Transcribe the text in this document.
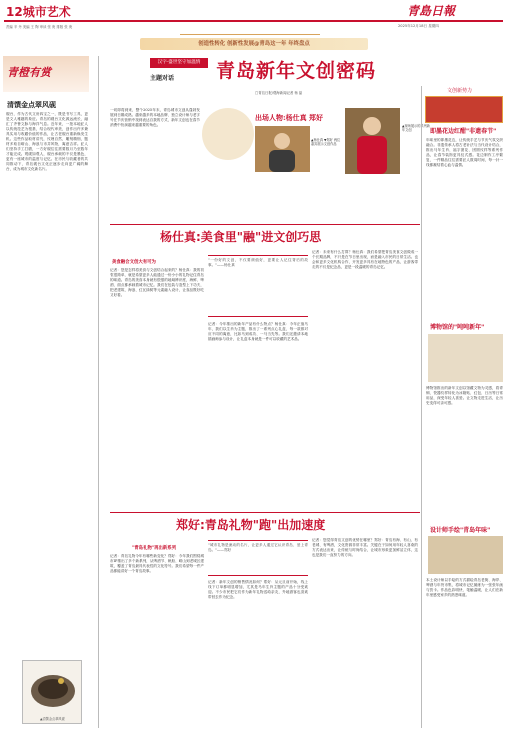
12城市艺术
责编 辛 丹 美编 王 陶 审读 张 庚 排版 张 庚
青島日報
2025年12月18日 星期四
创造性转化 创新性发展@青岛这一年 年终盘点
青橙有赏
清馔金点翠风砚
砚台，作为古代文房四宝之一，既是书写工具，更是文人雅趣的象征。青岛的砚台文化源远流长，融汇了齐鲁文脉与海洋气息。近年来，一批本地匠人以传统技艺为根基，结合现代审美，创作出许多兼具实用与收藏价值的作品，让古老砚台重新焕发生机。这些作品取材讲究，纹理自然，雕刻精细，题材多取自崂山、海浪与市井风物，寓意吉祥。匠人们坚持手工打磨，一方好砚往往需要数月乃至数年才能完成。观砚如观人，砚台承载的不仅是墨色，更有一座城市的温度与记忆。在市民与收藏者的共同推动下，青岛砚台文化正逐步走向更广阔的舞台，成为城市文化新名片。
▲清馔金点翠风砚
汉字·盛世坚守加温情 青岛新年文创密码
主题对话
□青岛日报/观海新闻记者 杨 晶
一切即将到来，整个2025年末，青岛城市文创从蓬勃发展到日臻成熟。越来越多的本地品牌、独立设计师与老字号在节庆营销中找到表达自我的方式，新年文创也在春节消费中扮演越来越重要的角色。
出场人物:杨仕真 郑好
▲杨仕真 ▼郑好 两位嘉宾展示文创作品
▲现场展示的系列新年文创
文创新势力
即墨花边红酣"非遗春节"
年味里的即墨花边，让传统手艺与节庆气氛交织融合。非遗传承人将古老针法与当代设计结合，推出马年生肖、福字窗花、团圆纹样等系列作品，让春节装饰更具仪式感。花边制作工序繁复，一件精品往往需要匠人数周时间，每一针一线都凝结着心血与温情。
博物馆的"吨吨新年"
博物馆推出的新年文创以馆藏文物为灵感，将青铜、瓷器纹样转化为冰箱贴、红包、日历等日常用品，深受年轻人喜爱。让文物走进生活，让历史变得可亲可感。
设计师手绘"青岛年味"
本土设计师以手绘的方式描绘青岛老街、海岸、啤酒与年货市集，将城市记忆凝练为一张张年画与贺卡。作品色彩明快、笔触温暖，让人们在新年里感受家乡的熟悉味道。
杨仕真:美食里"融"进文创巧思
美食融合文创大有可为
记者：您是怎样将美食与文创结合起来的？杨仕真：我的初衷很简单，就是希望更多人能通过一份小小的礼物记住青岛的味道。青岛的美食本身就有很强的地域辨识度，海鲜、啤酒、面点都承载着城市记忆。我们在包装与造型上下功夫，把老建筑、海浪、红瓦绿树等元素融入设计，让食品既好吃又好看。
"一份好的文创，不仅要颜值好，更要让人记住背后的故事。"——杨仕真
记者：今年推出的新年产品有什么特点？杨仕真：今年正值马年，我们以生肖为主题，推出了一系列点心礼盒，每一款都对应不同的寓意，比如马到成功、一马当先等。我们还邀请本地插画师参与设计，让礼盒本身就是一件可以收藏的艺术品。
记者：未来有什么打算？杨仕真：我们希望把青岛美食文创做成一个长期品牌，不只是在节日里出现，而是融入市民的日常生活。也会和更多文化机构合作，开发更多具有在地特色的产品，让游客带走的不仅是纪念品，更是一段温暖的青岛记忆。
郑好:青岛礼物"跑"出加速度
"青岛礼物"再出新系列
记者：青岛礼物今年有哪些新变化？郑好：今年我们围绕城市IP推出了多个新系列，从啤酒节、帆船、崂山到老城区建筑，覆盖了青岛最具代表性的文化符号。我们希望每一件产品都能讲好一个青岛故事。
"城市礼物是流动的名片，让更多人通过它认识青岛、爱上青岛。"——郑好
记者：新年文创的销售情况如何？郑好：从元旦前开始，线上线下订单都明显增加，尤其是马年生肖主题的产品十分受欢迎。不少市民把它们作为新年礼物送给亲友，外地游客也喜欢带回去作为纪念。
记者：您觉得青岛文创的优势在哪里？郑好：青岛有海、有山、有老城、有啤酒，文化资源非常丰富。关键在于如何用年轻人喜欢的方式表达出来，让传统与时尚结合，让城市形象更加鲜活立体，这也是我们一直努力的方向。
